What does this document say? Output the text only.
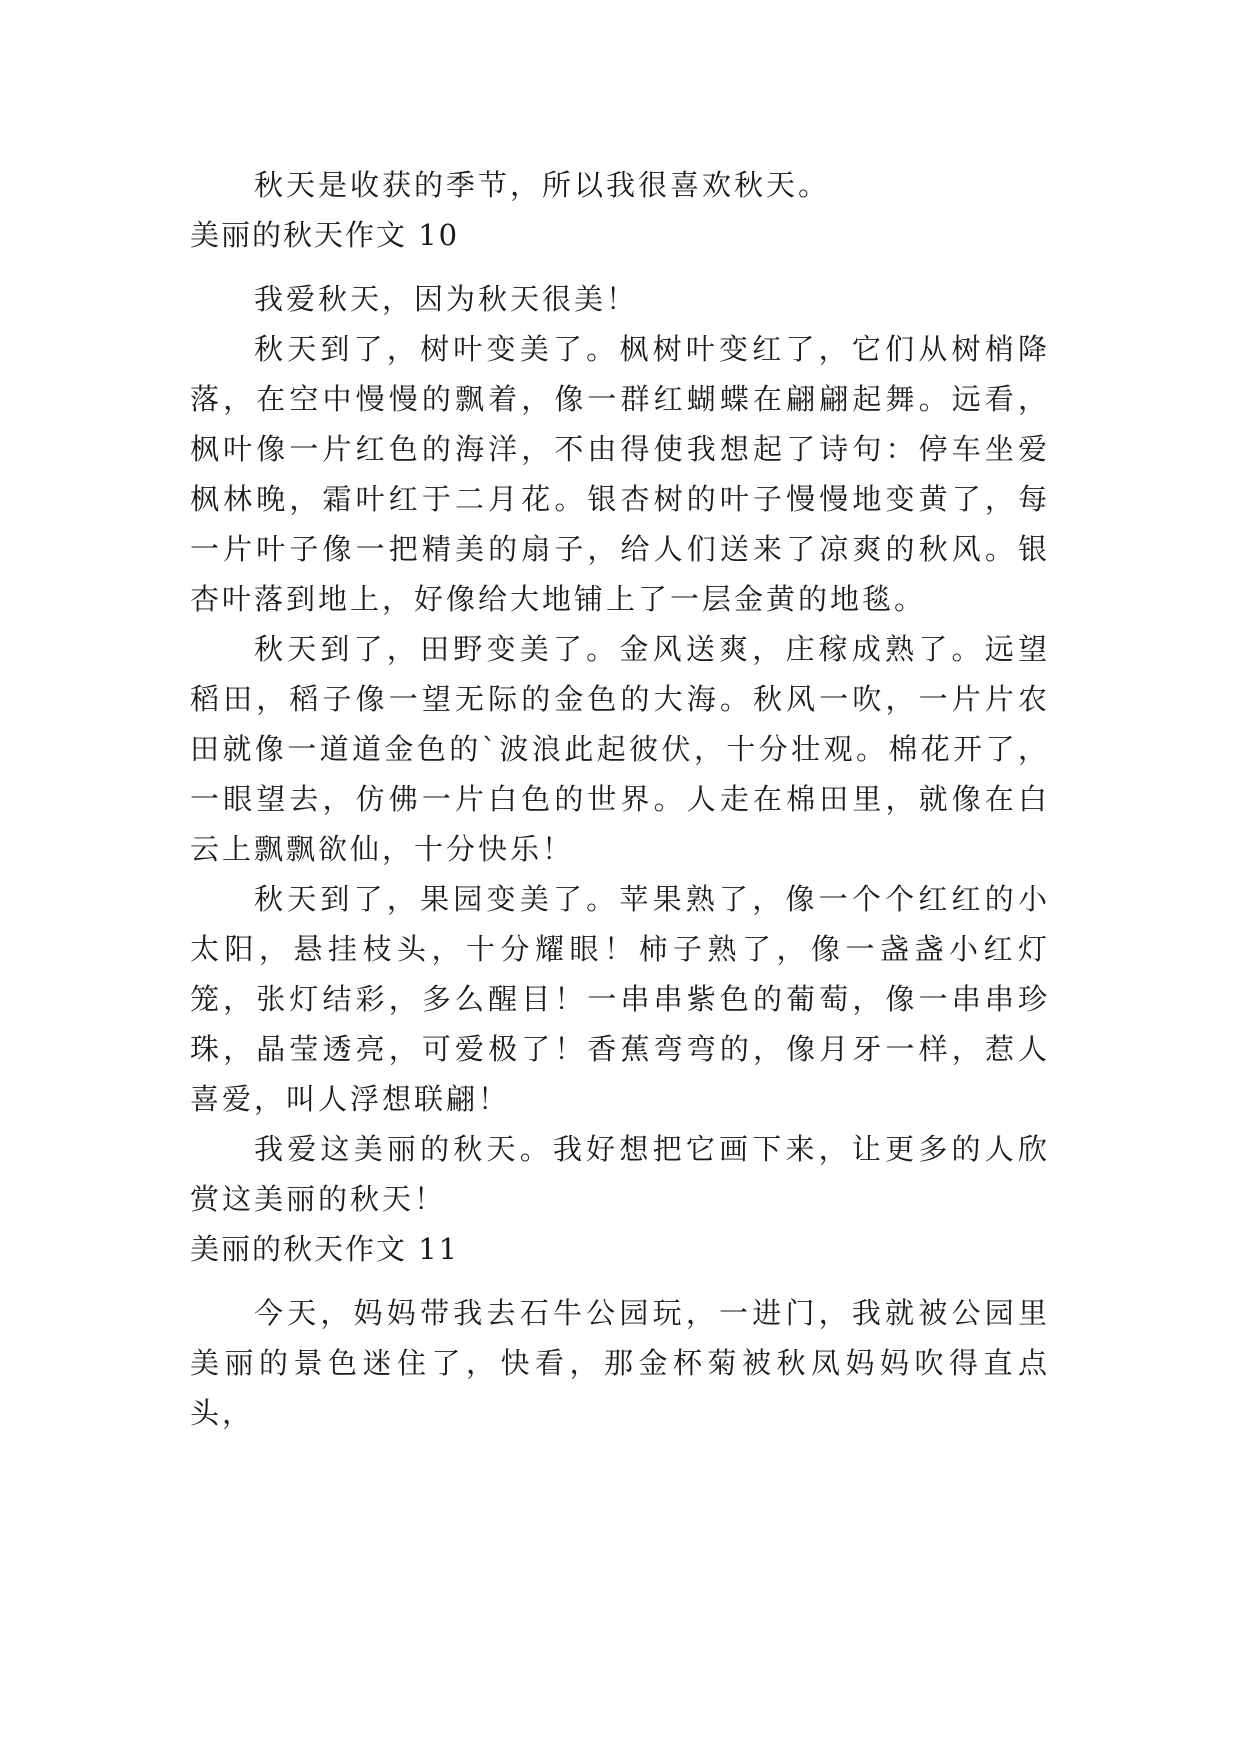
秋天是收获的季节，所以我很喜欢秋天。

美丽的秋天作文 10

我爱秋天，因为秋天很美！

秋天到了，树叶变美了。枫树叶变红了，它们从树梢降落，在空中慢慢的飘着，像一群红蝴蝶在翩翩起舞。远看，枫叶像一片红色的海洋，不由得使我想起了诗句：停车坐爱枫林晚，霜叶红于二月花。银杏树的叶子慢慢地变黄了，每一片叶子像一把精美的扇子，给人们送来了凉爽的秋风。银杏叶落到地上，好像给大地铺上了一层金黄的地毯。

秋天到了，田野变美了。金风送爽，庄稼成熟了。远望稻田，稻子像一望无际的金色的大海。秋风一吹，一片片农田就像一道道金色的`波浪此起彼伏，十分壮观。棉花开了，一眼望去，仿佛一片白色的世界。人走在棉田里，就像在白云上飘飘欲仙，十分快乐！

秋天到了，果园变美了。苹果熟了，像一个个红红的小太阳，悬挂枝头，十分耀眼！柿子熟了，像一盏盏小红灯笼，张灯结彩，多么醒目！一串串紫色的葡萄，像一串串珍珠，晶莹透亮，可爱极了！香蕉弯弯的，像月牙一样，惹人喜爱，叫人浮想联翩！

我爱这美丽的秋天。我好想把它画下来，让更多的人欣赏这美丽的秋天！

美丽的秋天作文 11

今天，妈妈带我去石牛公园玩，一进门，我就被公园里美丽的景色迷住了，快看，那金杯菊被秋凤妈妈吹得直点头，
